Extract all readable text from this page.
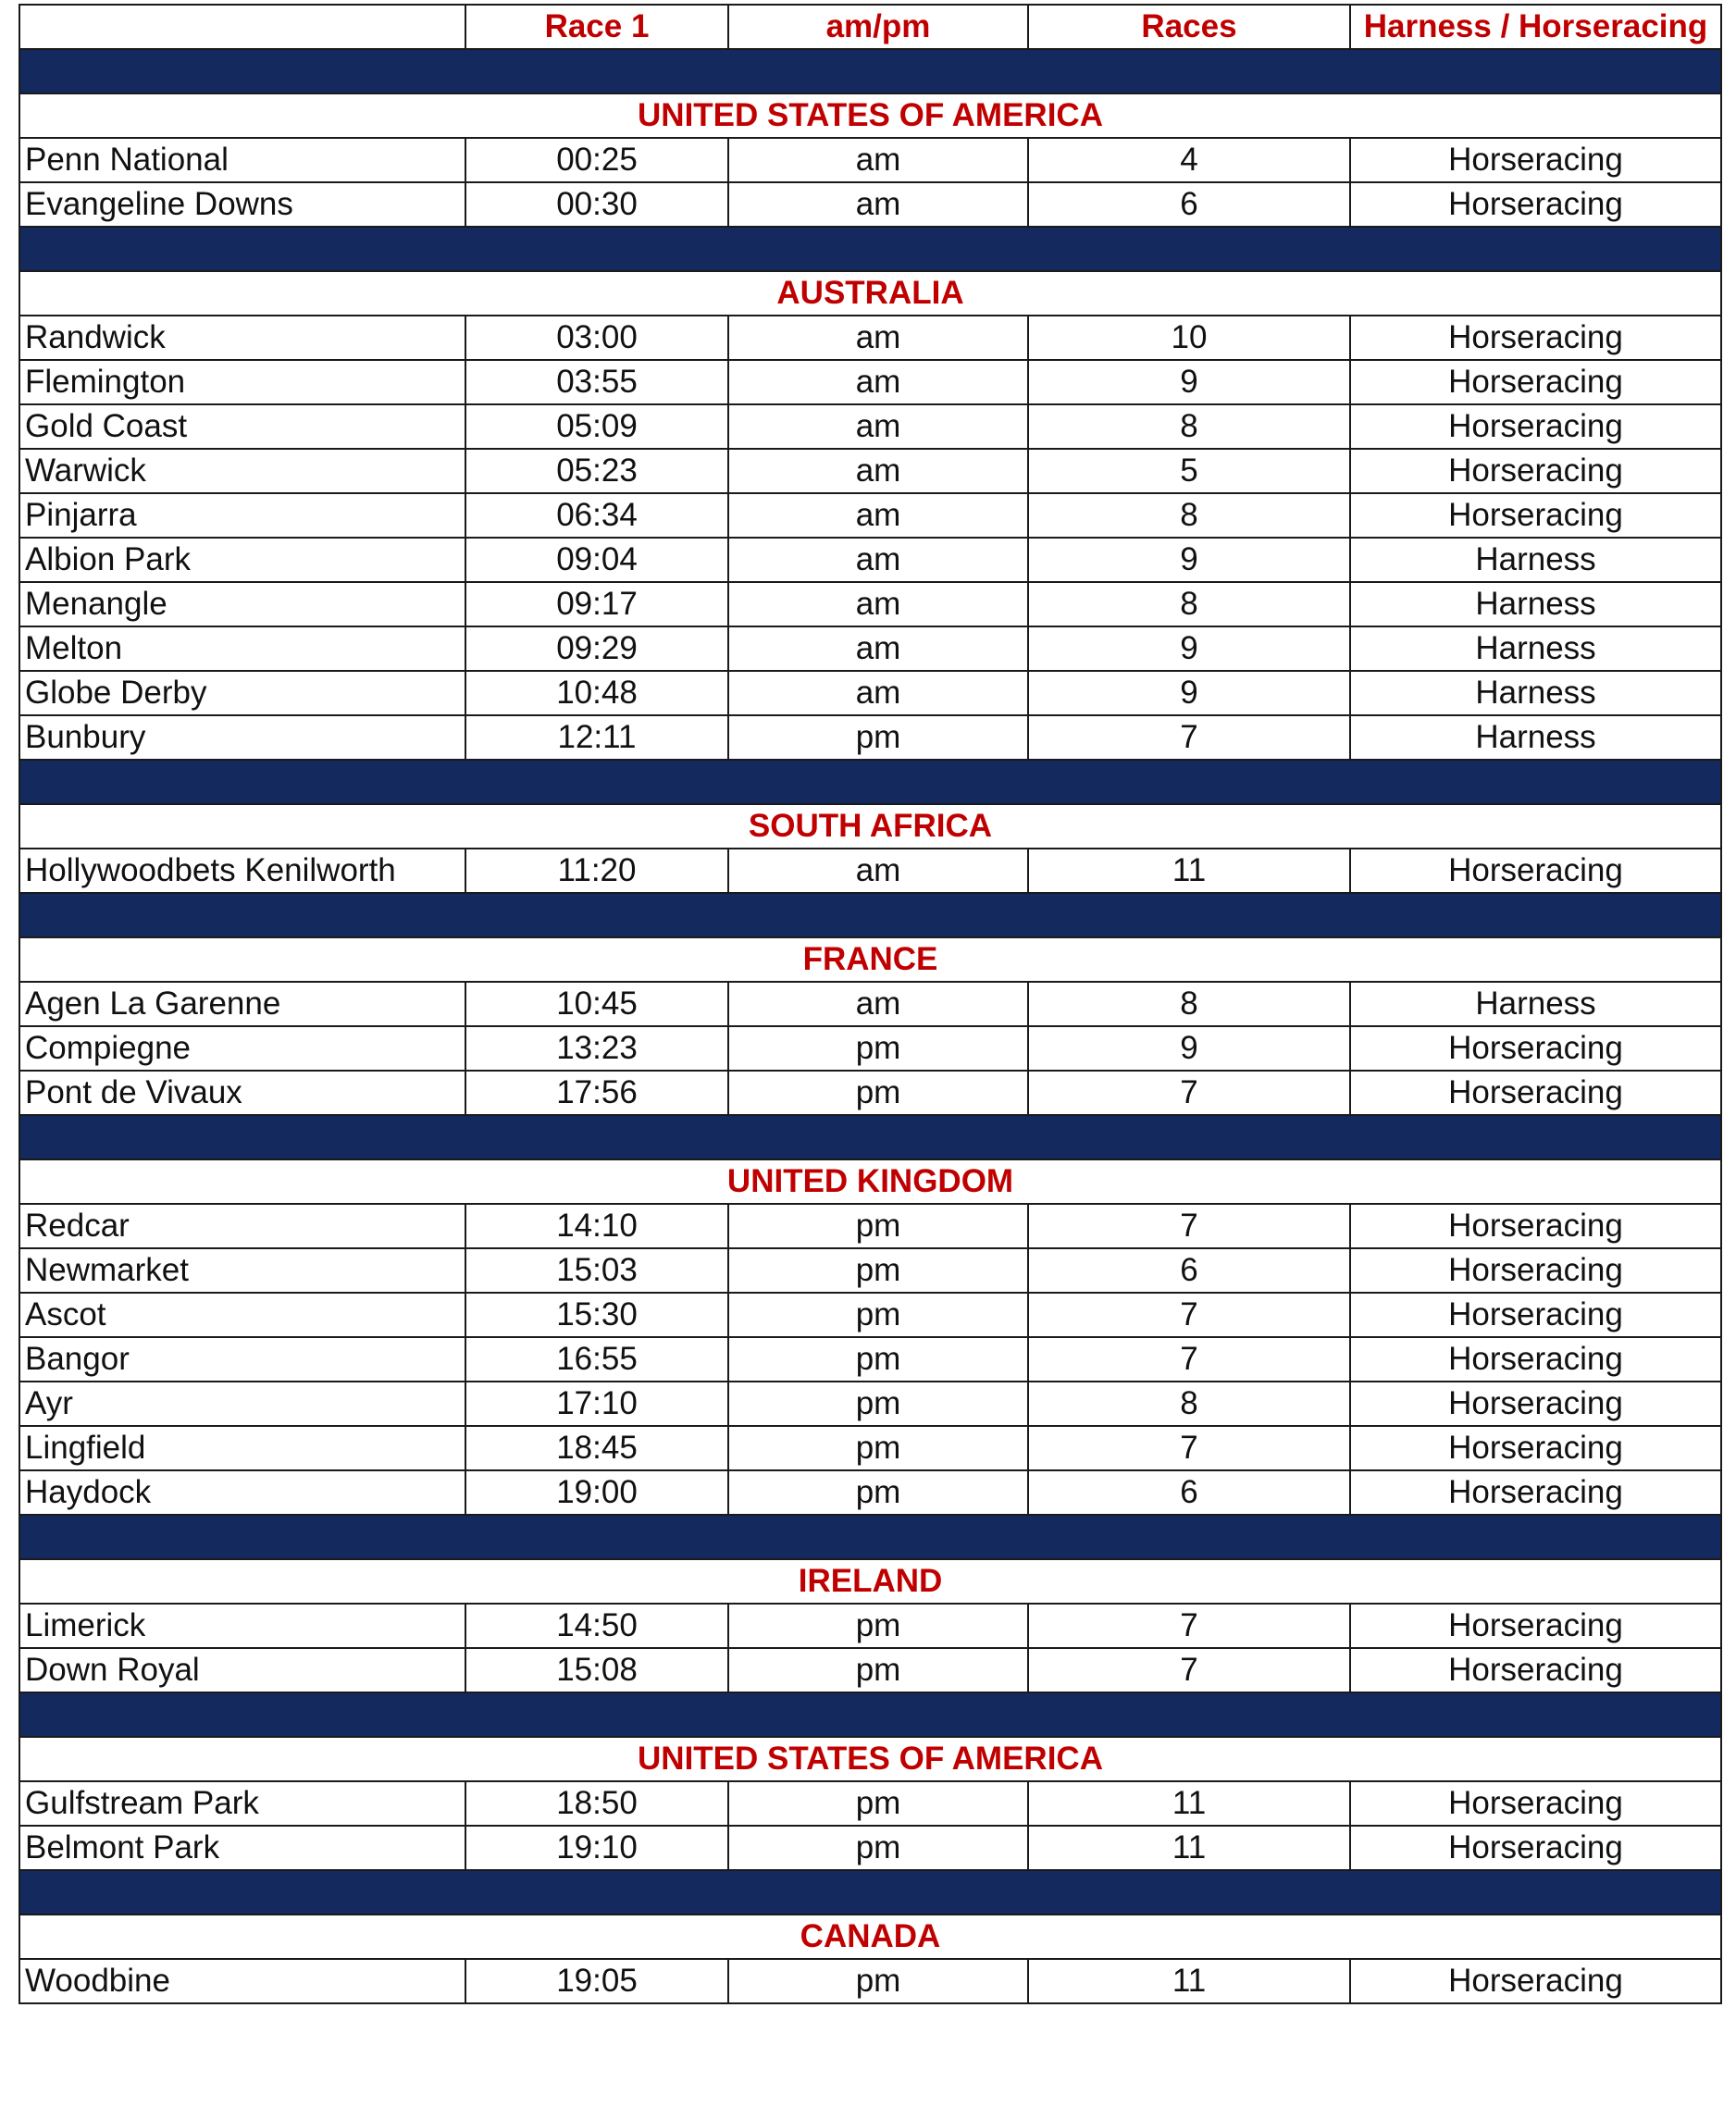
	Race 1	am/pm	Races	Harness / Horseracing

UNITED STATES OF AMERICA				
Penn National	00:25	am	4	Horseracing
Evangeline Downs	00:30	am	6	Horseracing

AUSTRALIA				
Randwick	03:00	am	10	Horseracing
Flemington	03:55	am	9	Horseracing
Gold Coast	05:09	am	8	Horseracing
Warwick	05:23	am	5	Horseracing
Pinjarra	06:34	am	8	Horseracing
Albion Park	09:04	am	9	Harness
Menangle	09:17	am	8	Harness
Melton	09:29	am	9	Harness
Globe Derby	10:48	am	9	Harness
Bunbury	12:11	pm	7	Harness

SOUTH AFRICA				
Hollywoodbets Kenilworth	11:20	am	11	Horseracing

FRANCE				
Agen La Garenne	10:45	am	8	Harness
Compiegne	13:23	pm	9	Horseracing
Pont de Vivaux	17:56	pm	7	Horseracing

UNITED KINGDOM				
Redcar	14:10	pm	7	Horseracing
Newmarket	15:03	pm	6	Horseracing
Ascot	15:30	pm	7	Horseracing
Bangor	16:55	pm	7	Horseracing
Ayr	17:10	pm	8	Horseracing
Lingfield	18:45	pm	7	Horseracing
Haydock	19:00	pm	6	Horseracing

IRELAND				
Limerick	14:50	pm	7	Horseracing
Down Royal	15:08	pm	7	Horseracing

UNITED STATES OF AMERICA				
Gulfstream Park	18:50	pm	11	Horseracing
Belmont Park	19:10	pm	11	Horseracing

CANADA				
Woodbine	19:05	pm	11	Horseracing
